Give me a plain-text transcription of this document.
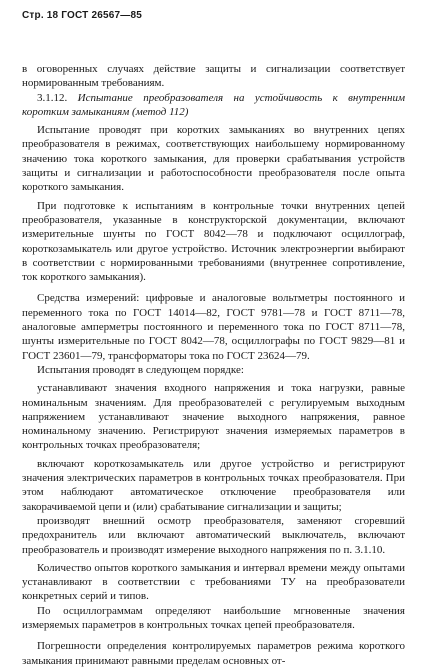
Стр. 18 ГОСТ 26567—85

в оговоренных случаях действие защиты и сигнализации соответствует нормированным требованиям.

3.1.12. Испытание преобразователя на устойчивость к внутренним коротким замыканиям (метод 112)

Испытание проводят при коротких замыканиях во внутренних цепях преобразователя в режимах, соответствующих наибольшему нормированному значению тока короткого замыкания, для проверки срабатывания устройств защиты и сигнализации и работоспособности преобразователя после опыта короткого замыкания.

При подготовке к испытаниям в контрольные точки внутренних цепей преобразователя, указанные в конструкторской документации, включают измерительные шунты по ГОСТ 8042—78 и подключают осциллограф, короткозамыкатель или другое устройство. Источник электроэнергии выбирают в соответствии с нормированными требованиями (внутреннее сопротивление, ток короткого замыкания).

Средства измерений: цифровые и аналоговые вольтметры постоянного и переменного тока по ГОСТ 14014—82, ГОСТ 9781—78 и ГОСТ 8711—78, аналоговые амперметры постоянного и переменного тока по ГОСТ 8711—78, шунты измерительные по ГОСТ 8042—78, осциллографы по ГОСТ 9829—81 и ГОСТ 23601—79, трансформаторы тока по ГОСТ 23624—79.

Испытания проводят в следующем порядке:

устанавливают значения входного напряжения и тока нагрузки, равные номинальным значениям. Для преобразователей с регулируемым выходным напряжением устанавливают значение выходного напряжения, равное номинальному значению. Регистрируют значения измеряемых параметров в контрольных точках преобразователя;

включают короткозамыкатель или другое устройство и регистрируют значения электрических параметров в контрольных точках преобразователя. При этом наблюдают автоматическое отключение преобразователя или закорачиваемой цепи и (или) срабатывание сигнализации и защиты;

производят внешний осмотр преобразователя, заменяют сгоревший предохранитель или включают автоматический выключатель, включают преобразователь и производят измерение выходного напряжения по п. 3.1.10.

Количество опытов короткого замыкания и интервал времени между опытами устанавливают в соответствии с требованиями ТУ на преобразователи конкретных серий и типов.

По осциллограммам определяют наибольшие мгновенные значения измеряемых параметров в контрольных точках цепей преобразователя.

Погрешности определения контролируемых параметров режима короткого замыкания принимают равными пределам основных от-
